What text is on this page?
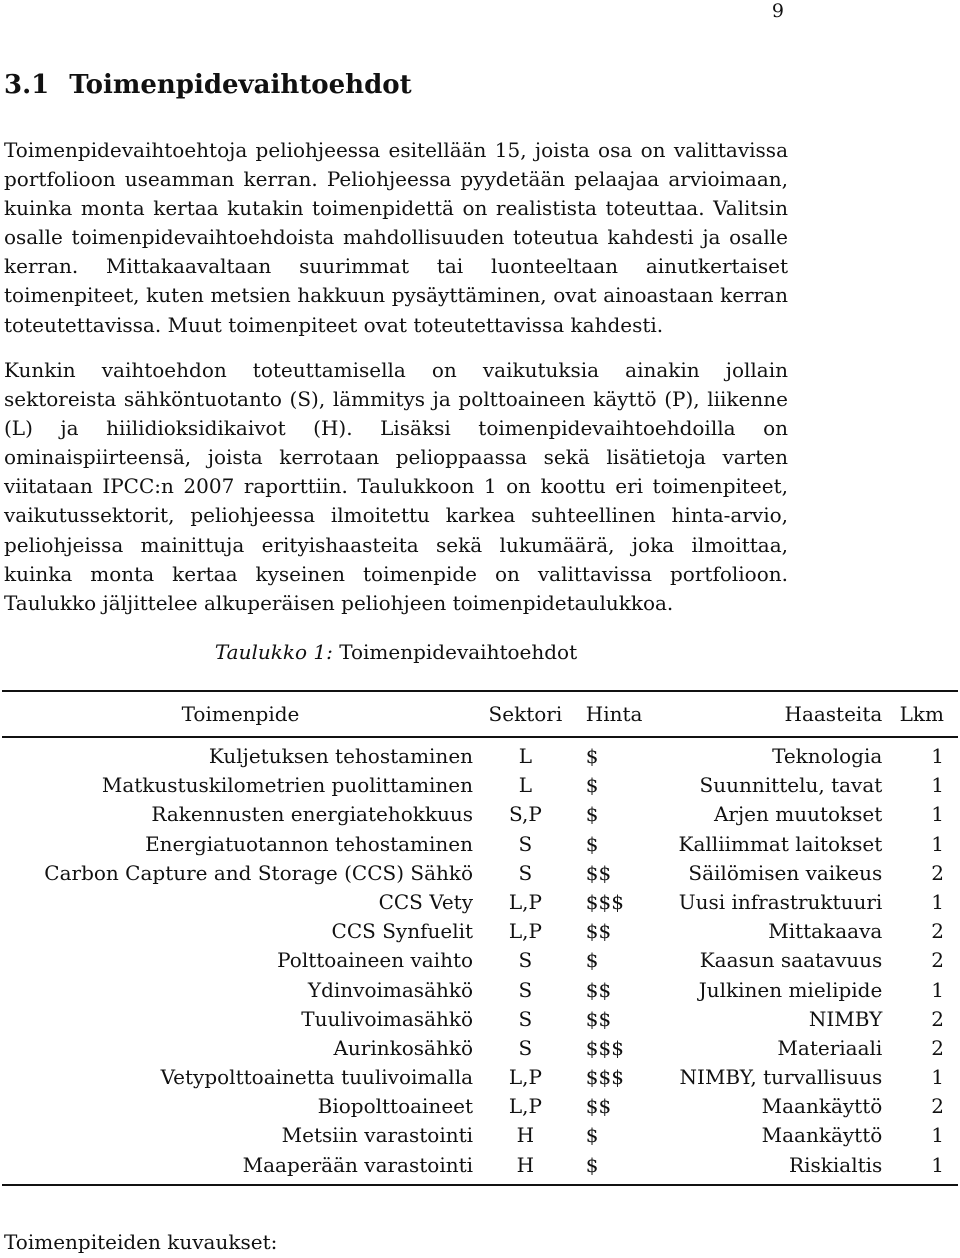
9
3.1 Toimenpidevaihtoehdot

Toimenpidevaihtoehtoja peliohjeessa esitellään 15, joista osa on valittavissa portfolioon useamman kerran. Peliohjeessa pyydetään pelaajaa arvioimaan, kuinka monta kertaa kutakin toimenpidettä on realistista toteuttaa. Valitsin osalle toimenpidevaihtoehdoista mahdollisuuden toteutua kahdesti ja osalle kerran. Mittakaavaltaan suurimmat tai luonteeltaan ainutkertaiset toimenpiteet, kuten metsien hakkuun pysäyttäminen, ovat ainoastaan kerran toteutettavissa. Muut toimenpiteet ovat toteutettavissa kahdesti.

Kunkin vaihtoehdon toteuttamisella on vaikutuksia ainakin jollain sektoreista sähköntuotanto (S), lämmitys ja polttoaineen käyttö (P), liikenne (L) ja hiilidioksidikaivot (H). Lisäksi toimenpidevaihtoehdoilla on ominaispiirteensä, joista kerrotaan pelioppaassa sekä lisätietoja varten viitataan IPCC:n 2007 raporttiin. Taulukkoon 1 on koottu eri toimenpiteet, vaikutussektorit, peliohjeessa ilmoitettu karkea suhteellinen hinta-arvio, peliohjeissa mainittuja erityishaasteita sekä lukumäärä, joka ilmoittaa, kuinka monta kertaa kyseinen toimenpide on valittavissa portfolioon. Taulukko jäljittelee alkuperäisen peliohjeen toimenpidetaulukkoa.

Taulukko 1: Toimenpidevaihtoehdot
Toimenpide	Sektori	Hinta	Haasteita	Lkm
Kuljetuksen tehostaminen	L	$	Teknologia	1
Matkustuskilometrien puolittaminen	L	$	Suunnittelu, tavat	1
Rakennusten energiatehokkuus	S,P	$	Arjen muutokset	1
Energiatuotannon tehostaminen	S	$	Kalliimmat laitokset	1
Carbon Capture and Storage (CCS) Sähkö	S	$$	Säilömisen vaikeus	2
CCS Vety	L,P	$$$	Uusi infrastruktuuri	1
CCS Synfuelit	L,P	$$	Mittakaava	2
Polttoaineen vaihto	S	$	Kaasun saatavuus	2
Ydinvoimasähkö	S	$$	Julkinen mielipide	1
Tuulivoimasähkö	S	$$	NIMBY	2
Aurinkosähkö	S	$$$	Materiaali	2
Vetypolttoainetta tuulivoimalla	L,P	$$$	NIMBY, turvallisuus	1
Biopolttoaineet	L,P	$$	Maankäyttö	2
Metsiin varastointi	H	$	Maankäyttö	1
Maaperään varastointi	H	$	Riskialtis	1

Toimenpiteiden kuvaukset:
